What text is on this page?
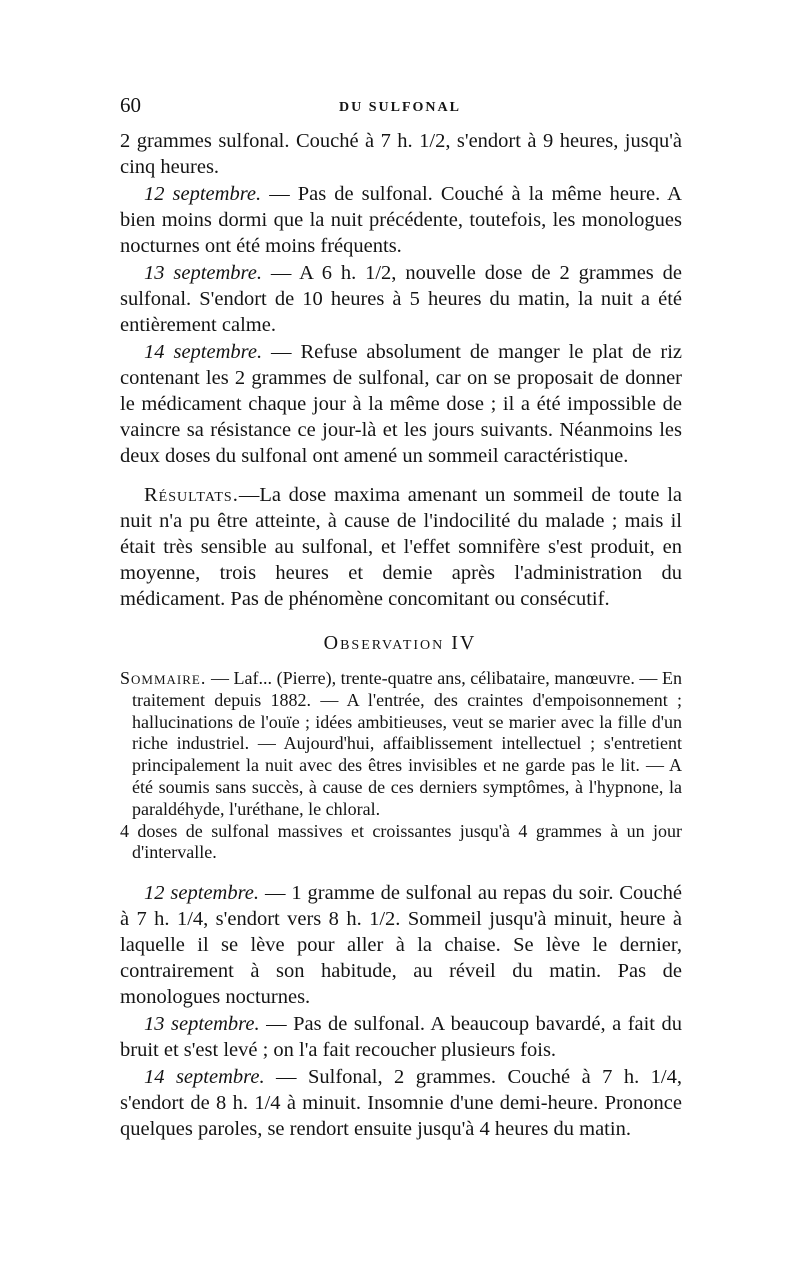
60	DU SULFONAL

2 grammes sulfonal. Couché à 7 h. 1/2, s'endort à 9 heures, jusqu'à cinq heures.

12 septembre. — Pas de sulfonal. Couché à la même heure. A bien moins dormi que la nuit précédente, toutefois, les monologues nocturnes ont été moins fréquents.

13 septembre. — A 6 h. 1/2, nouvelle dose de 2 grammes de sulfonal. S'endort de 10 heures à 5 heures du matin, la nuit a été entièrement calme.

14 septembre. — Refuse absolument de manger le plat de riz contenant les 2 grammes de sulfonal, car on se proposait de donner le médicament chaque jour à la même dose ; il a été impossible de vaincre sa résistance ce jour-là et les jours suivants. Néanmoins les deux doses du sulfonal ont amené un sommeil caractéristique.

Résultats.—La dose maxima amenant un sommeil de toute la nuit n'a pu être atteinte, à cause de l'indocilité du malade ; mais il était très sensible au sulfonal, et l'effet somnifère s'est produit, en moyenne, trois heures et demie après l'administration du médicament. Pas de phénomène concomitant ou consécutif.

Observation IV

Sommaire. — Laf... (Pierre), trente-quatre ans, célibataire, manœuvre. — En traitement depuis 1882. — A l'entrée, des craintes d'empoisonnement ; hallucinations de l'ouïe ; idées ambitieuses, veut se marier avec la fille d'un riche industriel. — Aujourd'hui, affaiblissement intellectuel ; s'entretient principalement la nuit avec des êtres invisibles et ne garde pas le lit. — A été soumis sans succès, à cause de ces derniers symptômes, à l'hypnone, la paraldéhyde, l'uréthane, le chloral.

4 doses de sulfonal massives et croissantes jusqu'à 4 grammes à un jour d'intervalle.

12 septembre. — 1 gramme de sulfonal au repas du soir. Couché à 7 h. 1/4, s'endort vers 8 h. 1/2. Sommeil jusqu'à minuit, heure à laquelle il se lève pour aller à la chaise. Se lève le dernier, contrairement à son habitude, au réveil du matin. Pas de monologues nocturnes.

13 septembre. — Pas de sulfonal. A beaucoup bavardé, a fait du bruit et s'est levé ; on l'a fait recoucher plusieurs fois.

14 septembre. — Sulfonal, 2 grammes. Couché à 7 h. 1/4, s'endort de 8 h. 1/4 à minuit. Insomnie d'une demi-heure. Prononce quelques paroles, se rendort ensuite jusqu'à 4 heures du matin.
